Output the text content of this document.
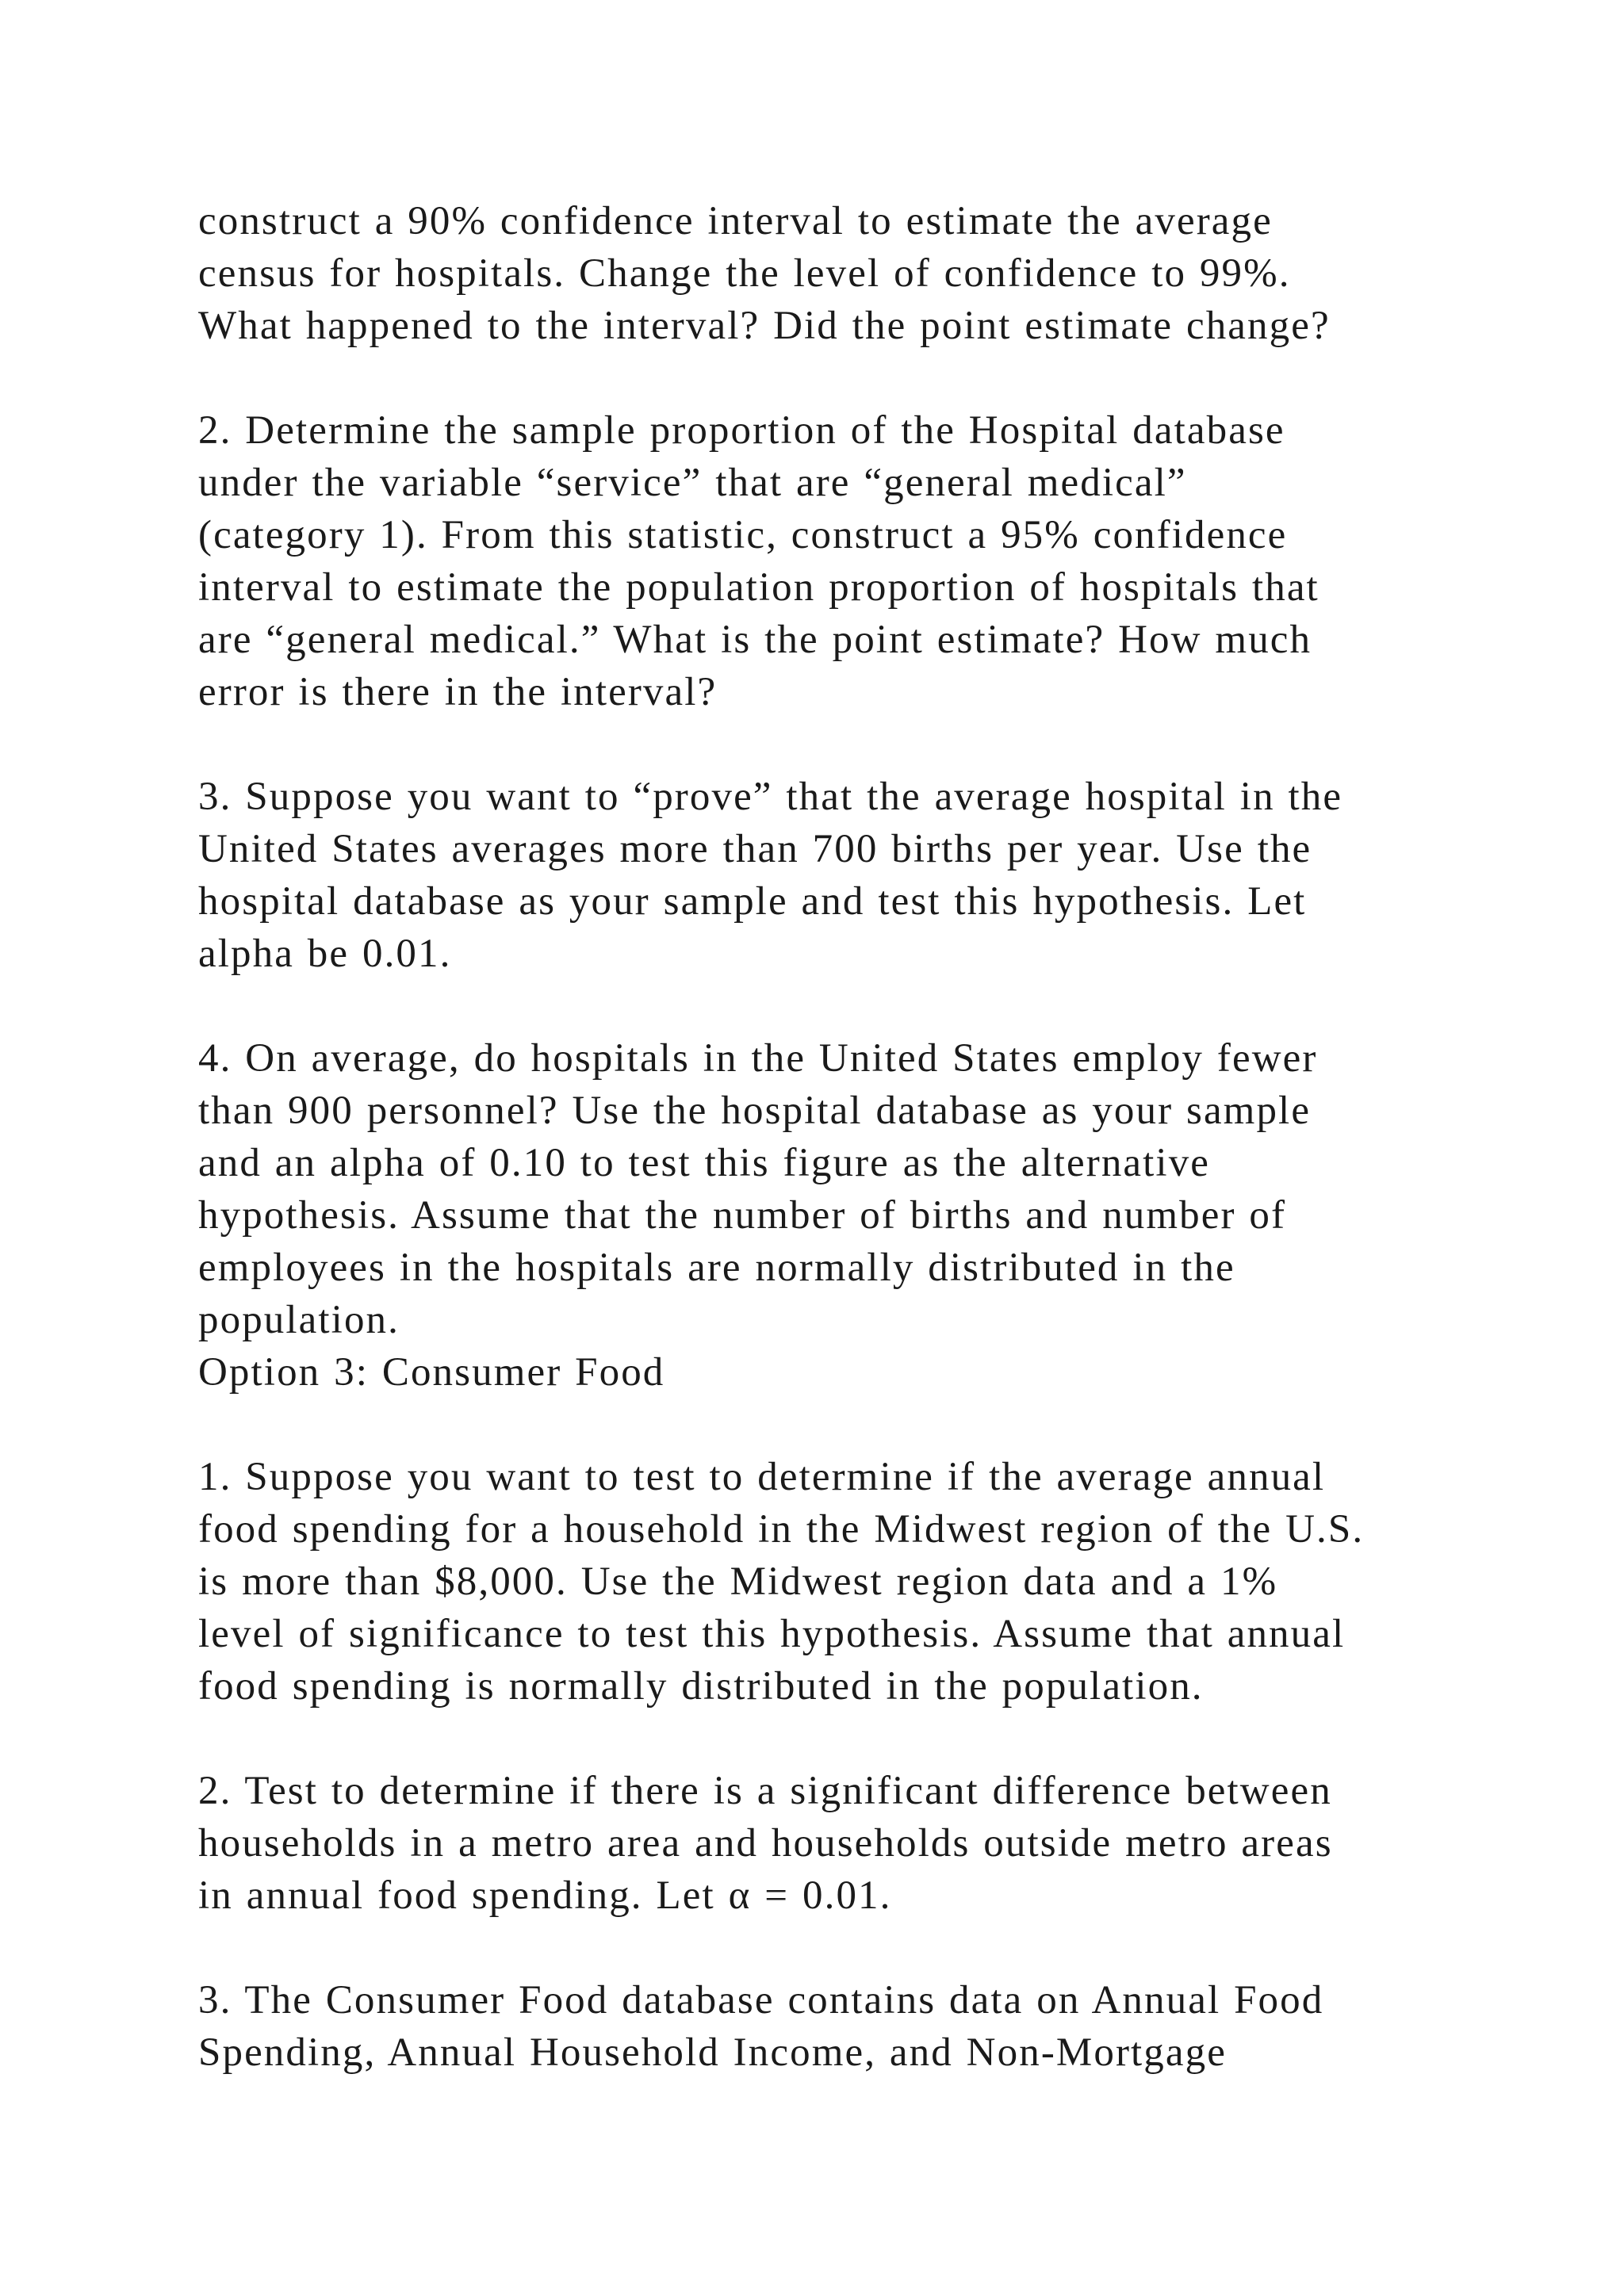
construct a 90% confidence interval to estimate the average
census for hospitals. Change the level of confidence to 99%.
What happened to the interval? Did the point estimate change?
2. Determine the sample proportion of the Hospital database
under the variable “service” that are “general medical”
(category 1). From this statistic, construct a 95% confidence
interval to estimate the population proportion of hospitals that
are “general medical.” What is the point estimate? How much
error is there in the interval?
3. Suppose you want to “prove” that the average hospital in the
United States averages more than 700 births per year. Use the
hospital database as your sample and test this hypothesis. Let
alpha be 0.01.
4. On average, do hospitals in the United States employ fewer
than 900 personnel? Use the hospital database as your sample
and an alpha of 0.10 to test this figure as the alternative
hypothesis. Assume that the number of births and number of
employees in the hospitals are normally distributed in the
population.
Option 3: Consumer Food
1. Suppose you want to test to determine if the average annual
food spending for a household in the Midwest region of the U.S.
is more than $8,000. Use the Midwest region data and a 1%
level of significance to test this hypothesis. Assume that annual
food spending is normally distributed in the population.
2. Test to determine if there is a significant difference between
households in a metro area and households outside metro areas
in annual food spending. Let α = 0.01.
3. The Consumer Food database contains data on Annual Food
Spending, Annual Household Income, and Non-Mortgage
